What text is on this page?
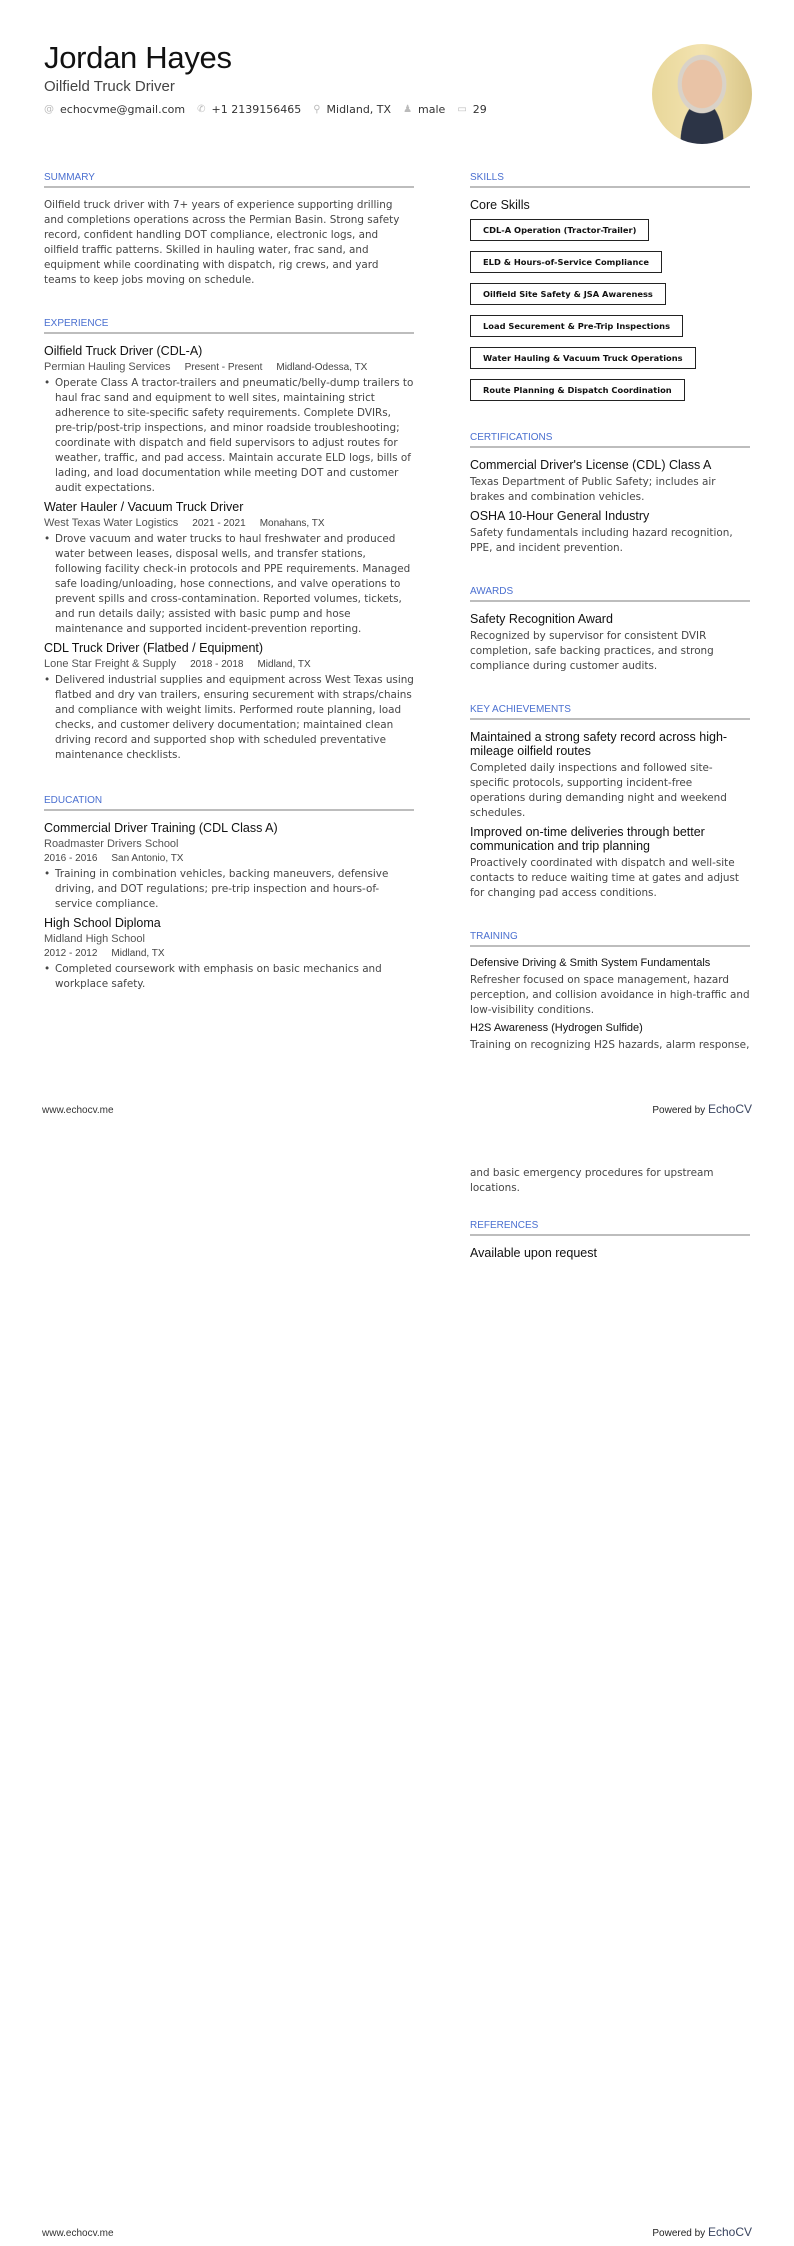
Jordan Hayes
Oilfield Truck Driver
@ echocvme@gmail.com ✆ +1 2139156465 ⚲ Midland, TX ♟ male ▭ 29
SUMMARY

Oilfield truck driver with 7+ years of experience supporting drilling and completions operations across the Permian Basin. Strong safety record, confident handling DOT compliance, electronic logs, and oilfield traffic patterns. Skilled in hauling water, frac sand, and equipment while coordinating with dispatch, rig crews, and yard teams to keep jobs moving on schedule.

EXPERIENCE
Oilfield Truck Driver (CDL-A)
Permian Hauling Services Present - Present Midland-Odessa, TX
• Operate Class A tractor-trailers and pneumatic/belly-dump trailers to haul frac sand and equipment to well sites, maintaining strict adherence to site-specific safety requirements. Complete DVIRs, pre-trip/post-trip inspections, and minor roadside troubleshooting; coordinate with dispatch and field supervisors to adjust routes for weather, traffic, and pad access. Maintain accurate ELD logs, bills of lading, and load documentation while meeting DOT and customer audit expectations.
Water Hauler / Vacuum Truck Driver
West Texas Water Logistics 2021 - 2021 Monahans, TX
• Drove vacuum and water trucks to haul freshwater and produced water between leases, disposal wells, and transfer stations, following facility check-in protocols and PPE requirements. Managed safe loading/unloading, hose connections, and valve operations to prevent spills and cross-contamination. Reported volumes, tickets, and run details daily; assisted with basic pump and hose maintenance and supported incident-prevention reporting.
CDL Truck Driver (Flatbed / Equipment)
Lone Star Freight & Supply 2018 - 2018 Midland, TX
• Delivered industrial supplies and equipment across West Texas using flatbed and dry van trailers, ensuring securement with straps/chains and compliance with weight limits. Performed route planning, load checks, and customer delivery documentation; maintained clean driving record and supported shop with scheduled preventative maintenance checklists.
EDUCATION
Commercial Driver Training (CDL Class A)
Roadmaster Drivers School
2016 - 2016 San Antonio, TX
• Training in combination vehicles, backing maneuvers, defensive driving, and DOT regulations; pre-trip inspection and hours-of-service compliance.
High School Diploma
Midland High School
2012 - 2012 Midland, TX
• Completed coursework with emphasis on basic mechanics and workplace safety.
SKILLS
Core Skills
CDL-A Operation (Tractor-Trailer)
ELD & Hours-of-Service Compliance
Oilfield Site Safety & JSA Awareness
Load Securement & Pre-Trip Inspections
Water Hauling & Vacuum Truck Operations
Route Planning & Dispatch Coordination
CERTIFICATIONS
Commercial Driver's License (CDL) Class A

Texas Department of Public Safety; includes air brakes and combination vehicles.

OSHA 10-Hour General Industry

Safety fundamentals including hazard recognition, PPE, and incident prevention.

AWARDS
Safety Recognition Award

Recognized by supervisor for consistent DVIR completion, safe backing practices, and strong compliance during customer audits.

KEY ACHIEVEMENTS
Maintained a strong safety record across high-mileage oilfield routes

Completed daily inspections and followed site-specific protocols, supporting incident-free operations during demanding night and weekend schedules.

Improved on-time deliveries through better communication and trip planning

Proactively coordinated with dispatch and well-site contacts to reduce waiting time at gates and adjust for changing pad access conditions.

TRAINING
Defensive Driving & Smith System Fundamentals

Refresher focused on space management, hazard perception, and collision avoidance in high-traffic and low-visibility conditions.

H2S Awareness (Hydrogen Sulfide)

Training on recognizing H2S hazards, alarm response,

www.echocv.me	Powered by EchoCV

and basic emergency procedures for upstream locations.

REFERENCES
Available upon request
www.echocv.me	Powered by EchoCV
